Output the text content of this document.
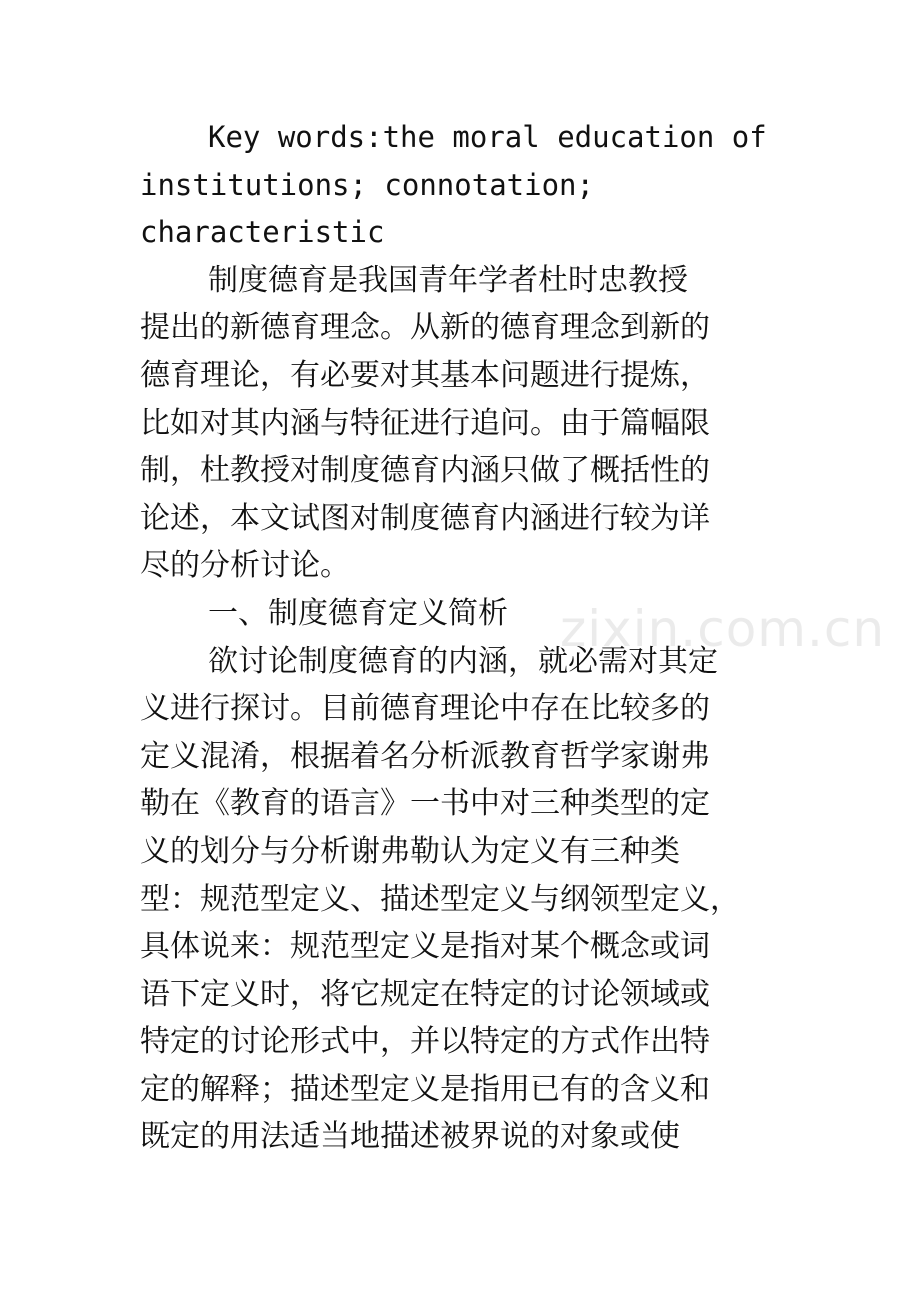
Key words:the moral education of
institutions; connotation;
characteristic
制度德育是我国青年学者杜时忠教授
提出的新德育理念。从新的德育理念到新的
德育理论，有必要对其基本问题进行提炼，
比如对其内涵与特征进行追问。由于篇幅限
制，杜教授对制度德育内涵只做了概括性的
论述，本文试图对制度德育内涵进行较为详
尽的分析讨论。
一、制度德育定义简析
欲讨论制度德育的内涵，就必需对其定
义进行探讨。目前德育理论中存在比较多的
定义混淆，根据着名分析派教育哲学家谢弗
勒在《教育的语言》一书中对三种类型的定
义的划分与分析谢弗勒认为定义有三种类
型：规范型定义、描述型定义与纲领型定义，
具体说来：规范型定义是指对某个概念或词
语下定义时，将它规定在特定的讨论领域或
特定的讨论形式中，并以特定的方式作出特
定的解释；描述型定义是指用已有的含义和
既定的用法适当地描述被界说的对象或使
zixin.com.cn
